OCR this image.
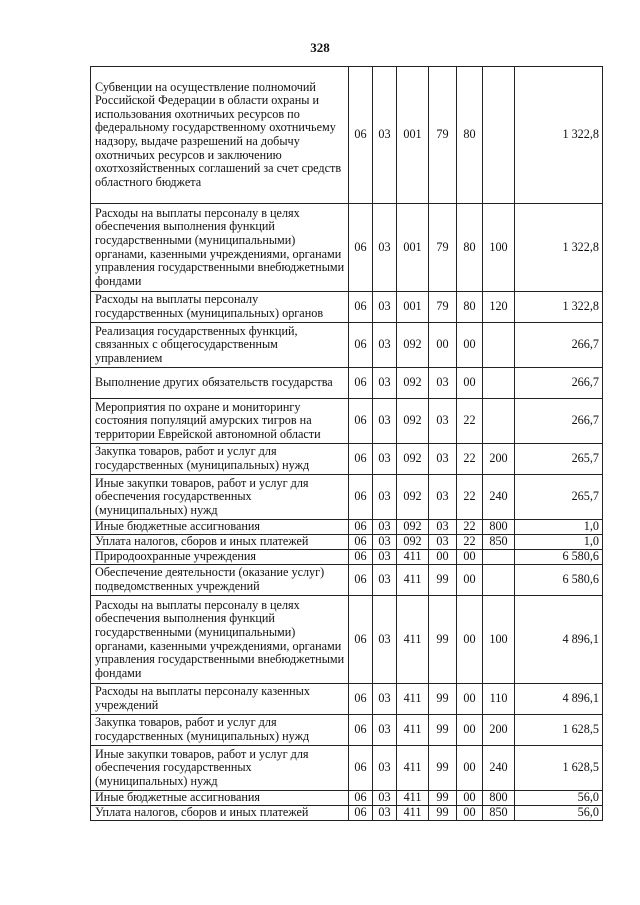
328
Субвенции на осуществление полномочий Российской Федерации в области охраны и использования охотничьих ресурсов по федеральному государственному охотничьему надзору, выдаче разрешений на добычу охотничьих ресурсов и заключению охотхозяйственных соглашений за счет средств областного бюджета	06	03	001	79	80		1 322,8
Расходы на выплаты персоналу в целях обеспечения выполнения функций государственными (муниципальными) органами, казенными учреждениями, органами управления государственными внебюджетными фондами	06	03	001	79	80	100	1 322,8
Расходы на выплаты персоналу государственных (муниципальных) органов	06	03	001	79	80	120	1 322,8
Реализация государственных функций, связанных с общегосударственным управлением	06	03	092	00	00		266,7
Выполнение других обязательств государства	06	03	092	03	00		266,7
Мероприятия по охране и мониторингу состояния популяций амурских тигров на территории Еврейской автономной области	06	03	092	03	22		266,7
Закупка товаров, работ и услуг для государственных (муниципальных) нужд	06	03	092	03	22	200	265,7
Иные закупки товаров, работ и услуг для обеспечения государственных (муниципальных) нужд	06	03	092	03	22	240	265,7
Иные бюджетные ассигнования	06	03	092	03	22	800	1,0
Уплата налогов, сборов и иных платежей	06	03	092	03	22	850	1,0
Природоохранные учреждения	06	03	411	00	00		6 580,6
Обеспечение деятельности (оказание услуг) подведомственных учреждений	06	03	411	99	00		6 580,6
Расходы на выплаты персоналу в целях обеспечения выполнения функций государственными (муниципальными) органами, казенными учреждениями, органами управления государственными внебюджетными фондами	06	03	411	99	00	100	4 896,1
Расходы на выплаты персоналу казенных учреждений	06	03	411	99	00	110	4 896,1
Закупка товаров, работ и услуг для государственных (муниципальных) нужд	06	03	411	99	00	200	1 628,5
Иные закупки товаров, работ и услуг для обеспечения государственных (муниципальных) нужд	06	03	411	99	00	240	1 628,5
Иные бюджетные ассигнования	06	03	411	99	00	800	56,0
Уплата налогов, сборов и иных платежей	06	03	411	99	00	850	56,0
